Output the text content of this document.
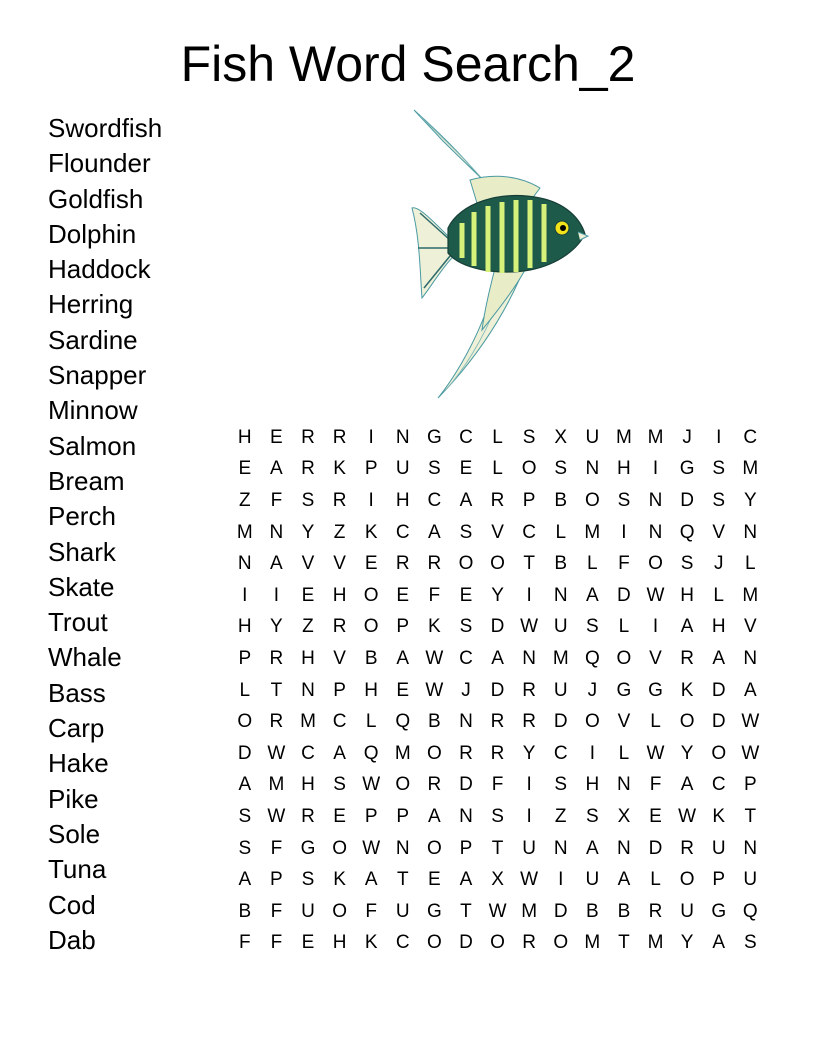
Fish Word Search_2
Swordfish
Flounder
Goldfish
Dolphin
Haddock
Herring
Sardine
Snapper
Minnow
Salmon
Bream
Perch
Shark
Skate
Trout
Whale
Bass
Carp
Hake
Pike
Sole
Tuna
Cod
Dab
H	E	R	R	I	N	G	C	L	S	X	U	M	M	J	I	C
E	A	R	K	P	U	S	E	L	O	S	N	H	I	G	S	M
Z	F	S	R	I	H	C	A	R	P	B	O	S	N	D	S	Y
M	N	Y	Z	K	C	A	S	V	C	L	M	I	N	Q	V	N
N	A	V	V	E	R	R	O	O	T	B	L	F	O	S	J	L
I	I	E	H	O	E	F	E	Y	I	N	A	D	W	H	L	M
H	Y	Z	R	O	P	K	S	D	W	U	S	L	I	A	H	V
P	R	H	V	B	A	W	C	A	N	M	Q	O	V	R	A	N
L	T	N	P	H	E	W	J	D	R	U	J	G	G	K	D	A
O	R	M	C	L	Q	B	N	R	R	D	O	V	L	O	D	W
D	W	C	A	Q	M	O	R	R	Y	C	I	L	W	Y	O	W
A	M	H	S	W	O	R	D	F	I	S	H	N	F	A	C	P
S	W	R	E	P	P	A	N	S	I	Z	S	X	E	W	K	T
S	F	G	O	W	N	O	P	T	U	N	A	N	D	R	U	N
A	P	S	K	A	T	E	A	X	W	I	U	A	L	O	P	U
B	F	U	O	F	U	G	T	W	M	D	B	B	R	U	G	Q
F	F	E	H	K	C	O	D	O	R	O	M	T	M	Y	A	S
